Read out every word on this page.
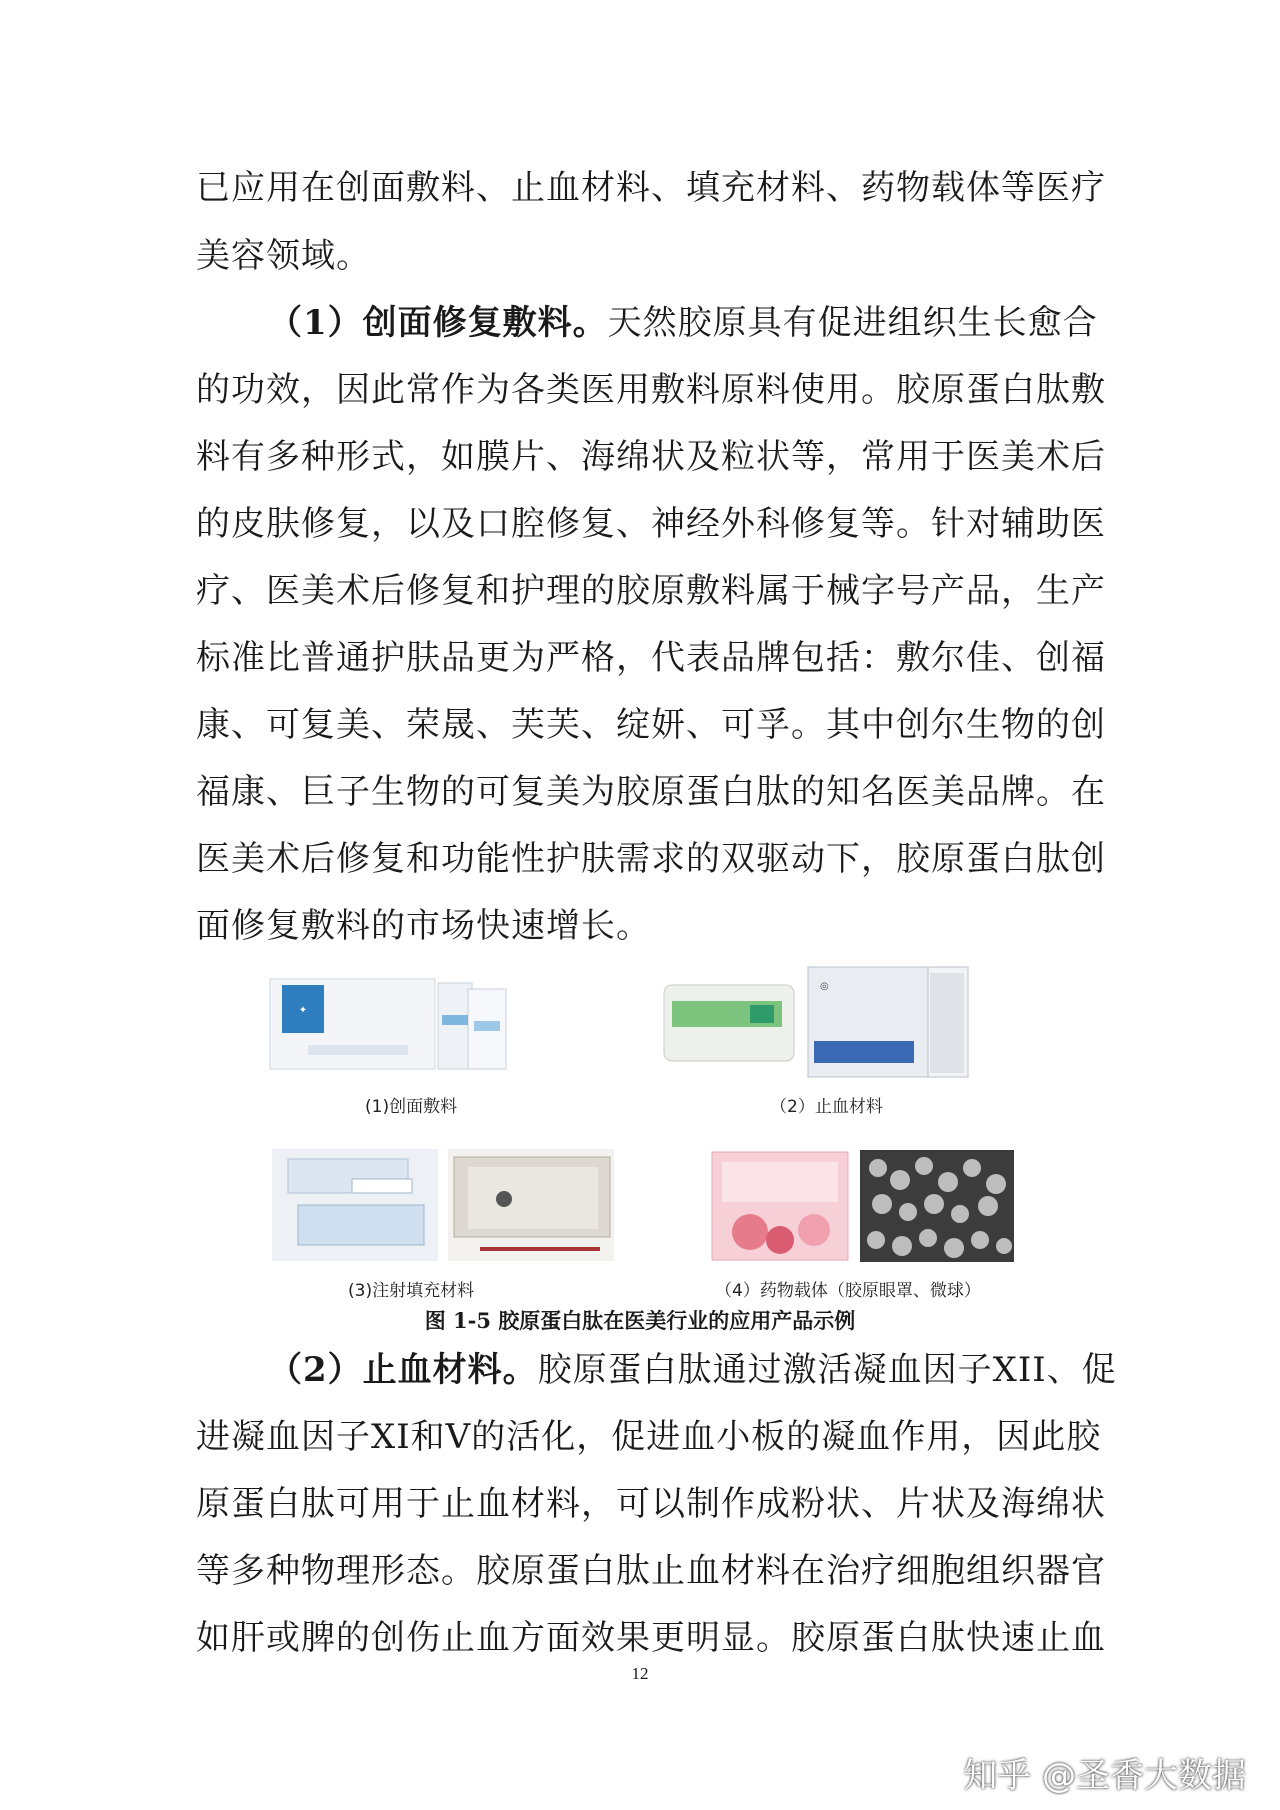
已应用在创面敷料、止血材料、填充材料、药物载体等医疗
美容领域。
（1）创面修复敷料。天然胶原具有促进组织生长愈合
的功效，因此常作为各类医用敷料原料使用。胶原蛋白肽敷
料有多种形式，如膜片、海绵状及粒状等，常用于医美术后
的皮肤修复，以及口腔修复、神经外科修复等。针对辅助医
疗、医美术后修复和护理的胶原敷料属于械字号产品，生产
标准比普通护肤品更为严格，代表品牌包括：敷尔佳、创福
康、可复美、荣晟、芙芙、绽妍、可孚。其中创尔生物的创
福康、巨子生物的可复美为胶原蛋白肽的知名医美品牌。在
医美术后修复和功能性护肤需求的双驱动下，胶原蛋白肽创
面修复敷料的市场快速增长。
✦
◎
(1)创面敷料	（2）止血材料
(3)注射填充材料	（4）药物载体（胶原眼罩、微球）
图 1-5 胶原蛋白肽在医美行业的应用产品示例
（2）止血材料。胶原蛋白肽通过激活凝血因子XII、促
进凝血因子XI和V的活化，促进血小板的凝血作用，因此胶
原蛋白肽可用于止血材料，可以制作成粉状、片状及海绵状
等多种物理形态。胶原蛋白肽止血材料在治疗细胞组织器官
如肝或脾的创伤止血方面效果更明显。胶原蛋白肽快速止血
12
知乎 @圣香大数据
